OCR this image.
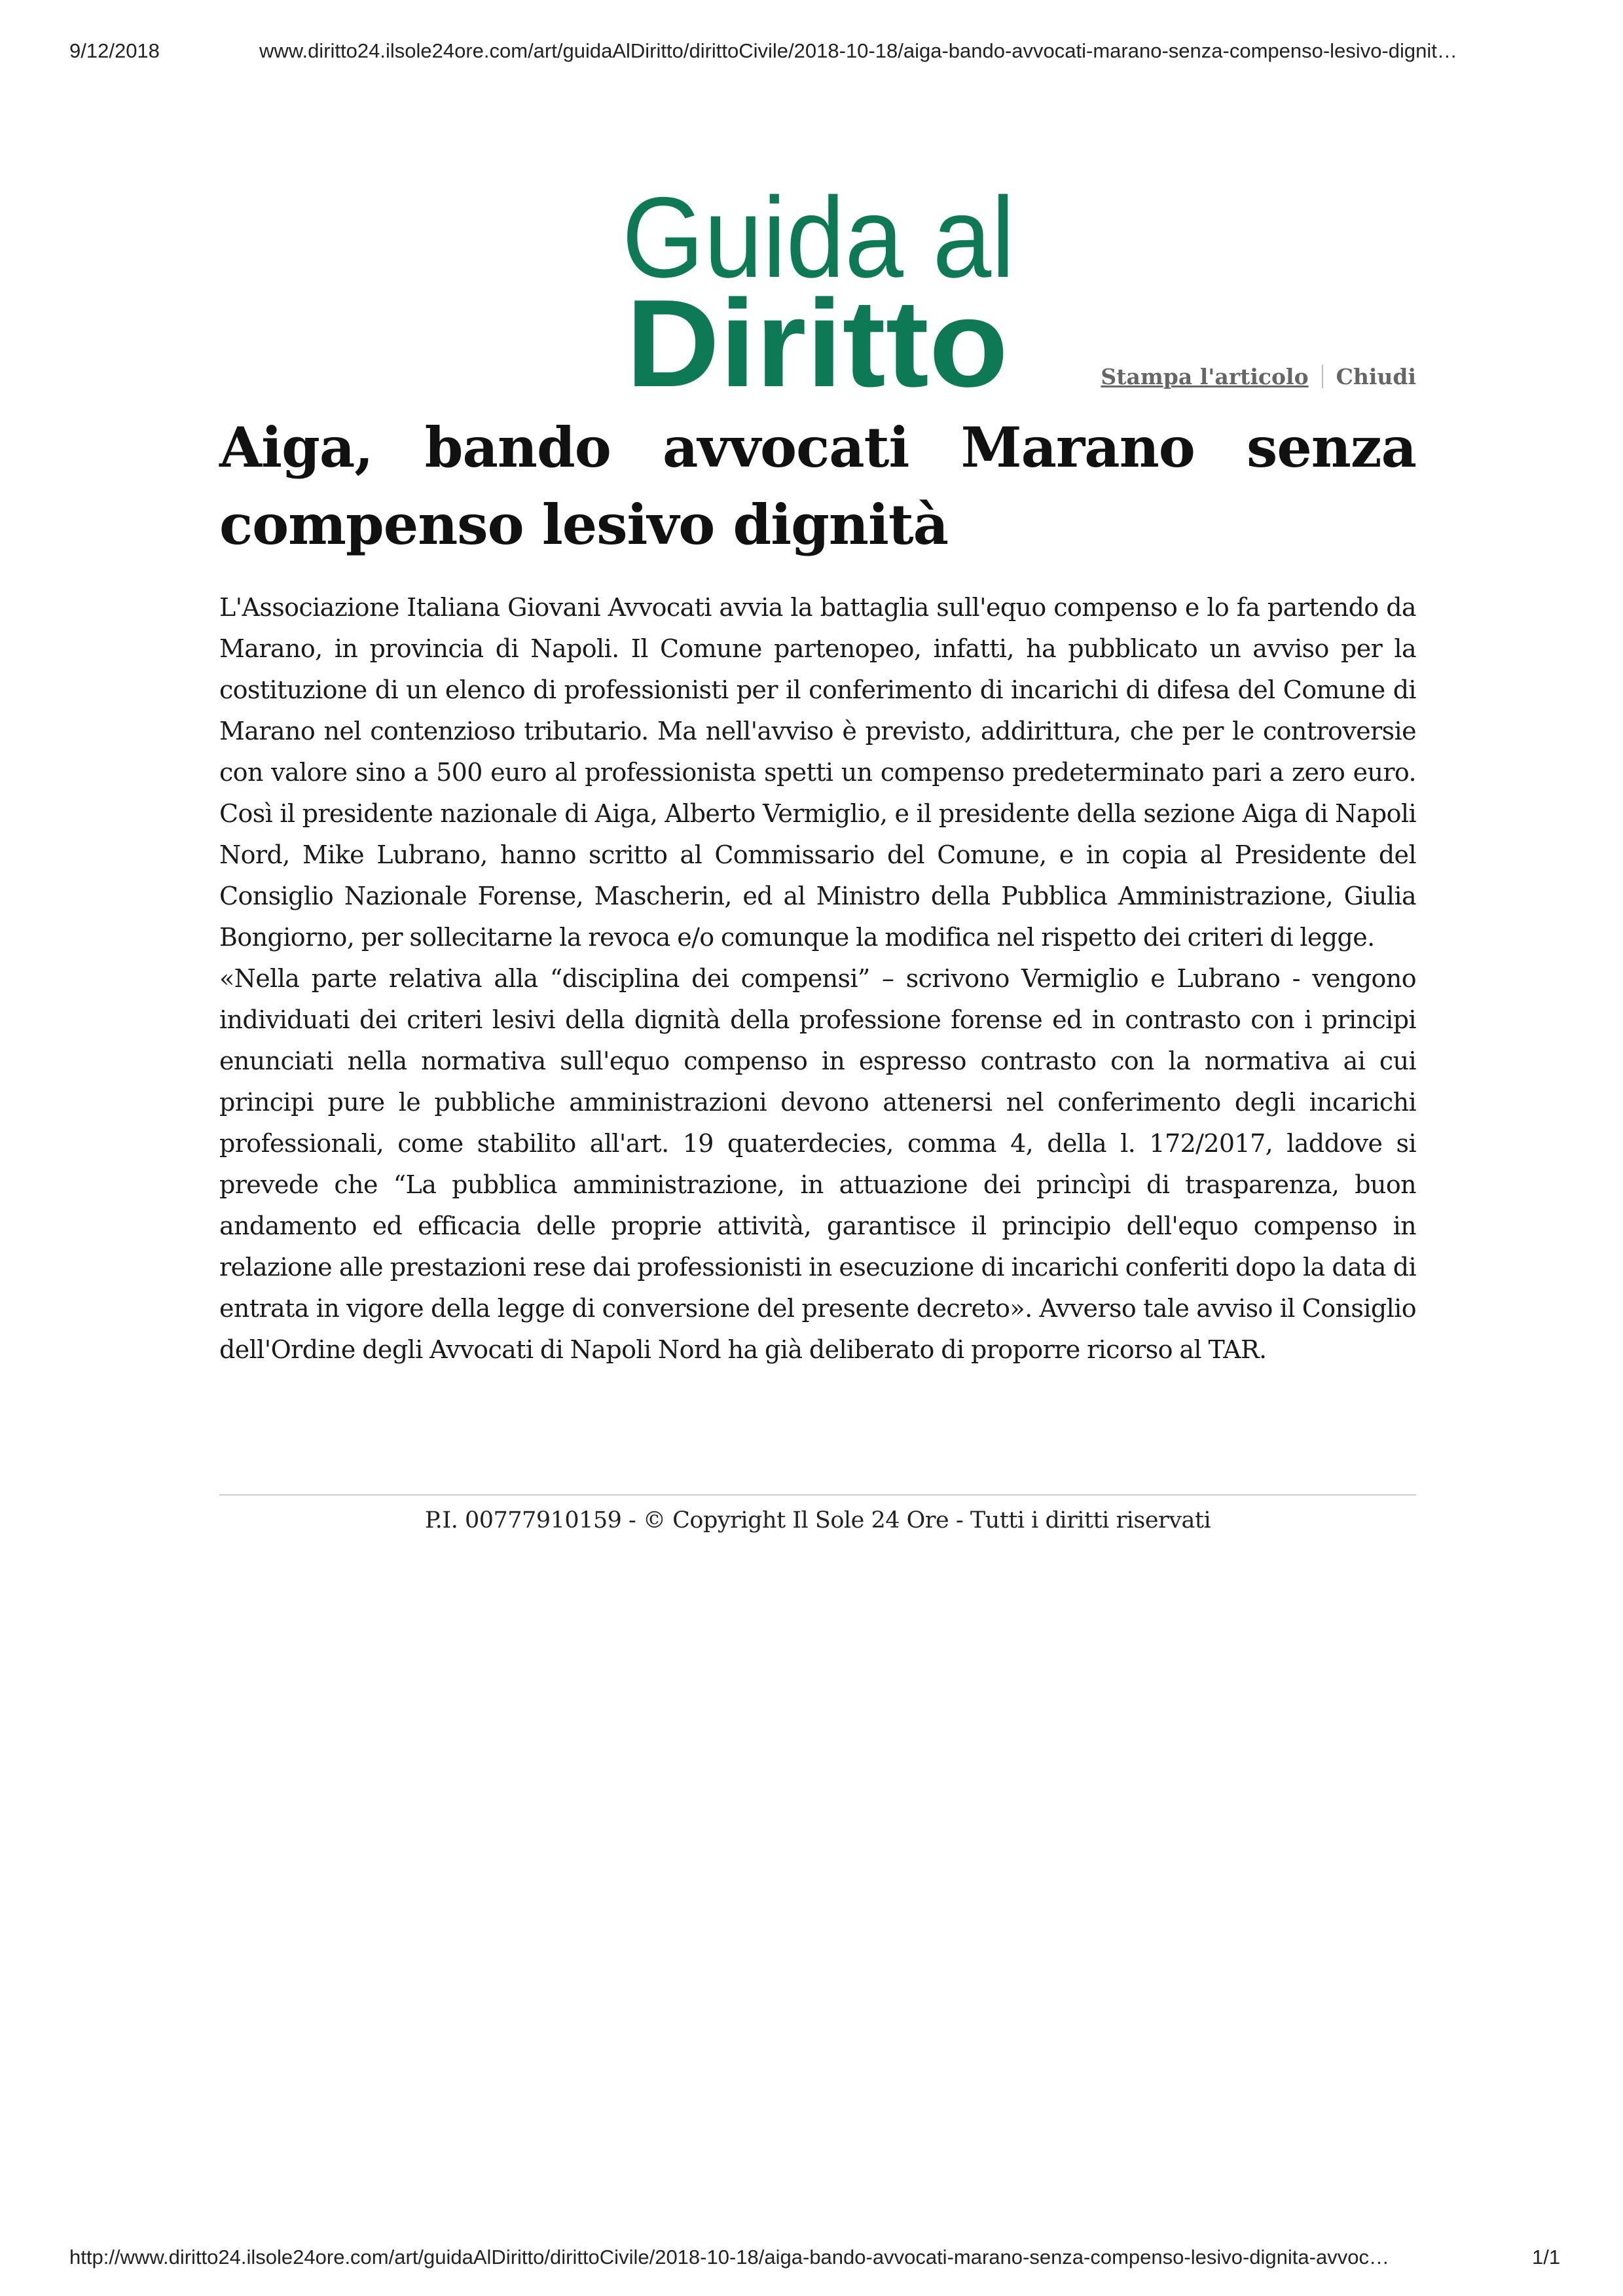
9/12/2018	www.diritto24.ilsole24ore.com/art/guidaAlDiritto/dirittoCivile/2018-10-18/aiga-bando-avvocati-marano-senza-compenso-lesivo-dignit…
Guida al
Diritto	Stampa l'articolo Chiudi
Aiga, bando avvocati Marano senza compenso lesivo dignità

L'Associazione Italiana Giovani Avvocati avvia la battaglia sull'equo compenso e lo fa partendo da Marano, in provincia di Napoli. Il Comune partenopeo, infatti, ha pubblicato un avviso per la costituzione di un elenco di professionisti per il conferimento di incarichi di difesa del Comune di Marano nel contenzioso tributario. Ma nell'avviso è previsto, addirittura, che per le controversie con valore sino a 500 euro al professionista spetti un compenso predeterminato pari a zero euro. Così il presidente nazionale di Aiga, Alberto Vermiglio, e il presidente della sezione Aiga di Napoli Nord, Mike Lubrano, hanno scritto al Commissario del Comune, e in copia al Presidente del Consiglio Nazionale Forense, Mascherin, ed al Ministro della Pubblica Amministrazione, Giulia Bongiorno, per sollecitarne la revoca e/o comunque la modifica nel rispetto dei criteri di legge.

«Nella parte relativa alla “disciplina dei compensi” – scrivono Vermiglio e Lubrano - vengono individuati dei criteri lesivi della dignità della professione forense ed in contrasto con i principi enunciati nella normativa sull'equo compenso in espresso contrasto con la normativa ai cui principi pure le pubbliche amministrazioni devono attenersi nel conferimento degli incarichi professionali, come stabilito all'art. 19 quaterdecies, comma 4, della l. 172/2017, laddove si prevede che “La pubblica amministrazione, in attuazione dei princìpi di trasparenza, buon andamento ed efficacia delle proprie attività, garantisce il principio dell'equo compenso in relazione alle prestazioni rese dai professionisti in esecuzione di incarichi conferiti dopo la data di entrata in vigore della legge di conversione del presente decreto». Avverso tale avviso il Consiglio dell'Ordine degli Avvocati di Napoli Nord ha già deliberato di proporre ricorso al TAR.

P.I. 00777910159 - © Copyright Il Sole 24 Ore - Tutti i diritti riservati
http://www.diritto24.ilsole24ore.com/art/guidaAlDiritto/dirittoCivile/2018-10-18/aiga-bando-avvocati-marano-senza-compenso-lesivo-dignita-avvoc…	1/1
